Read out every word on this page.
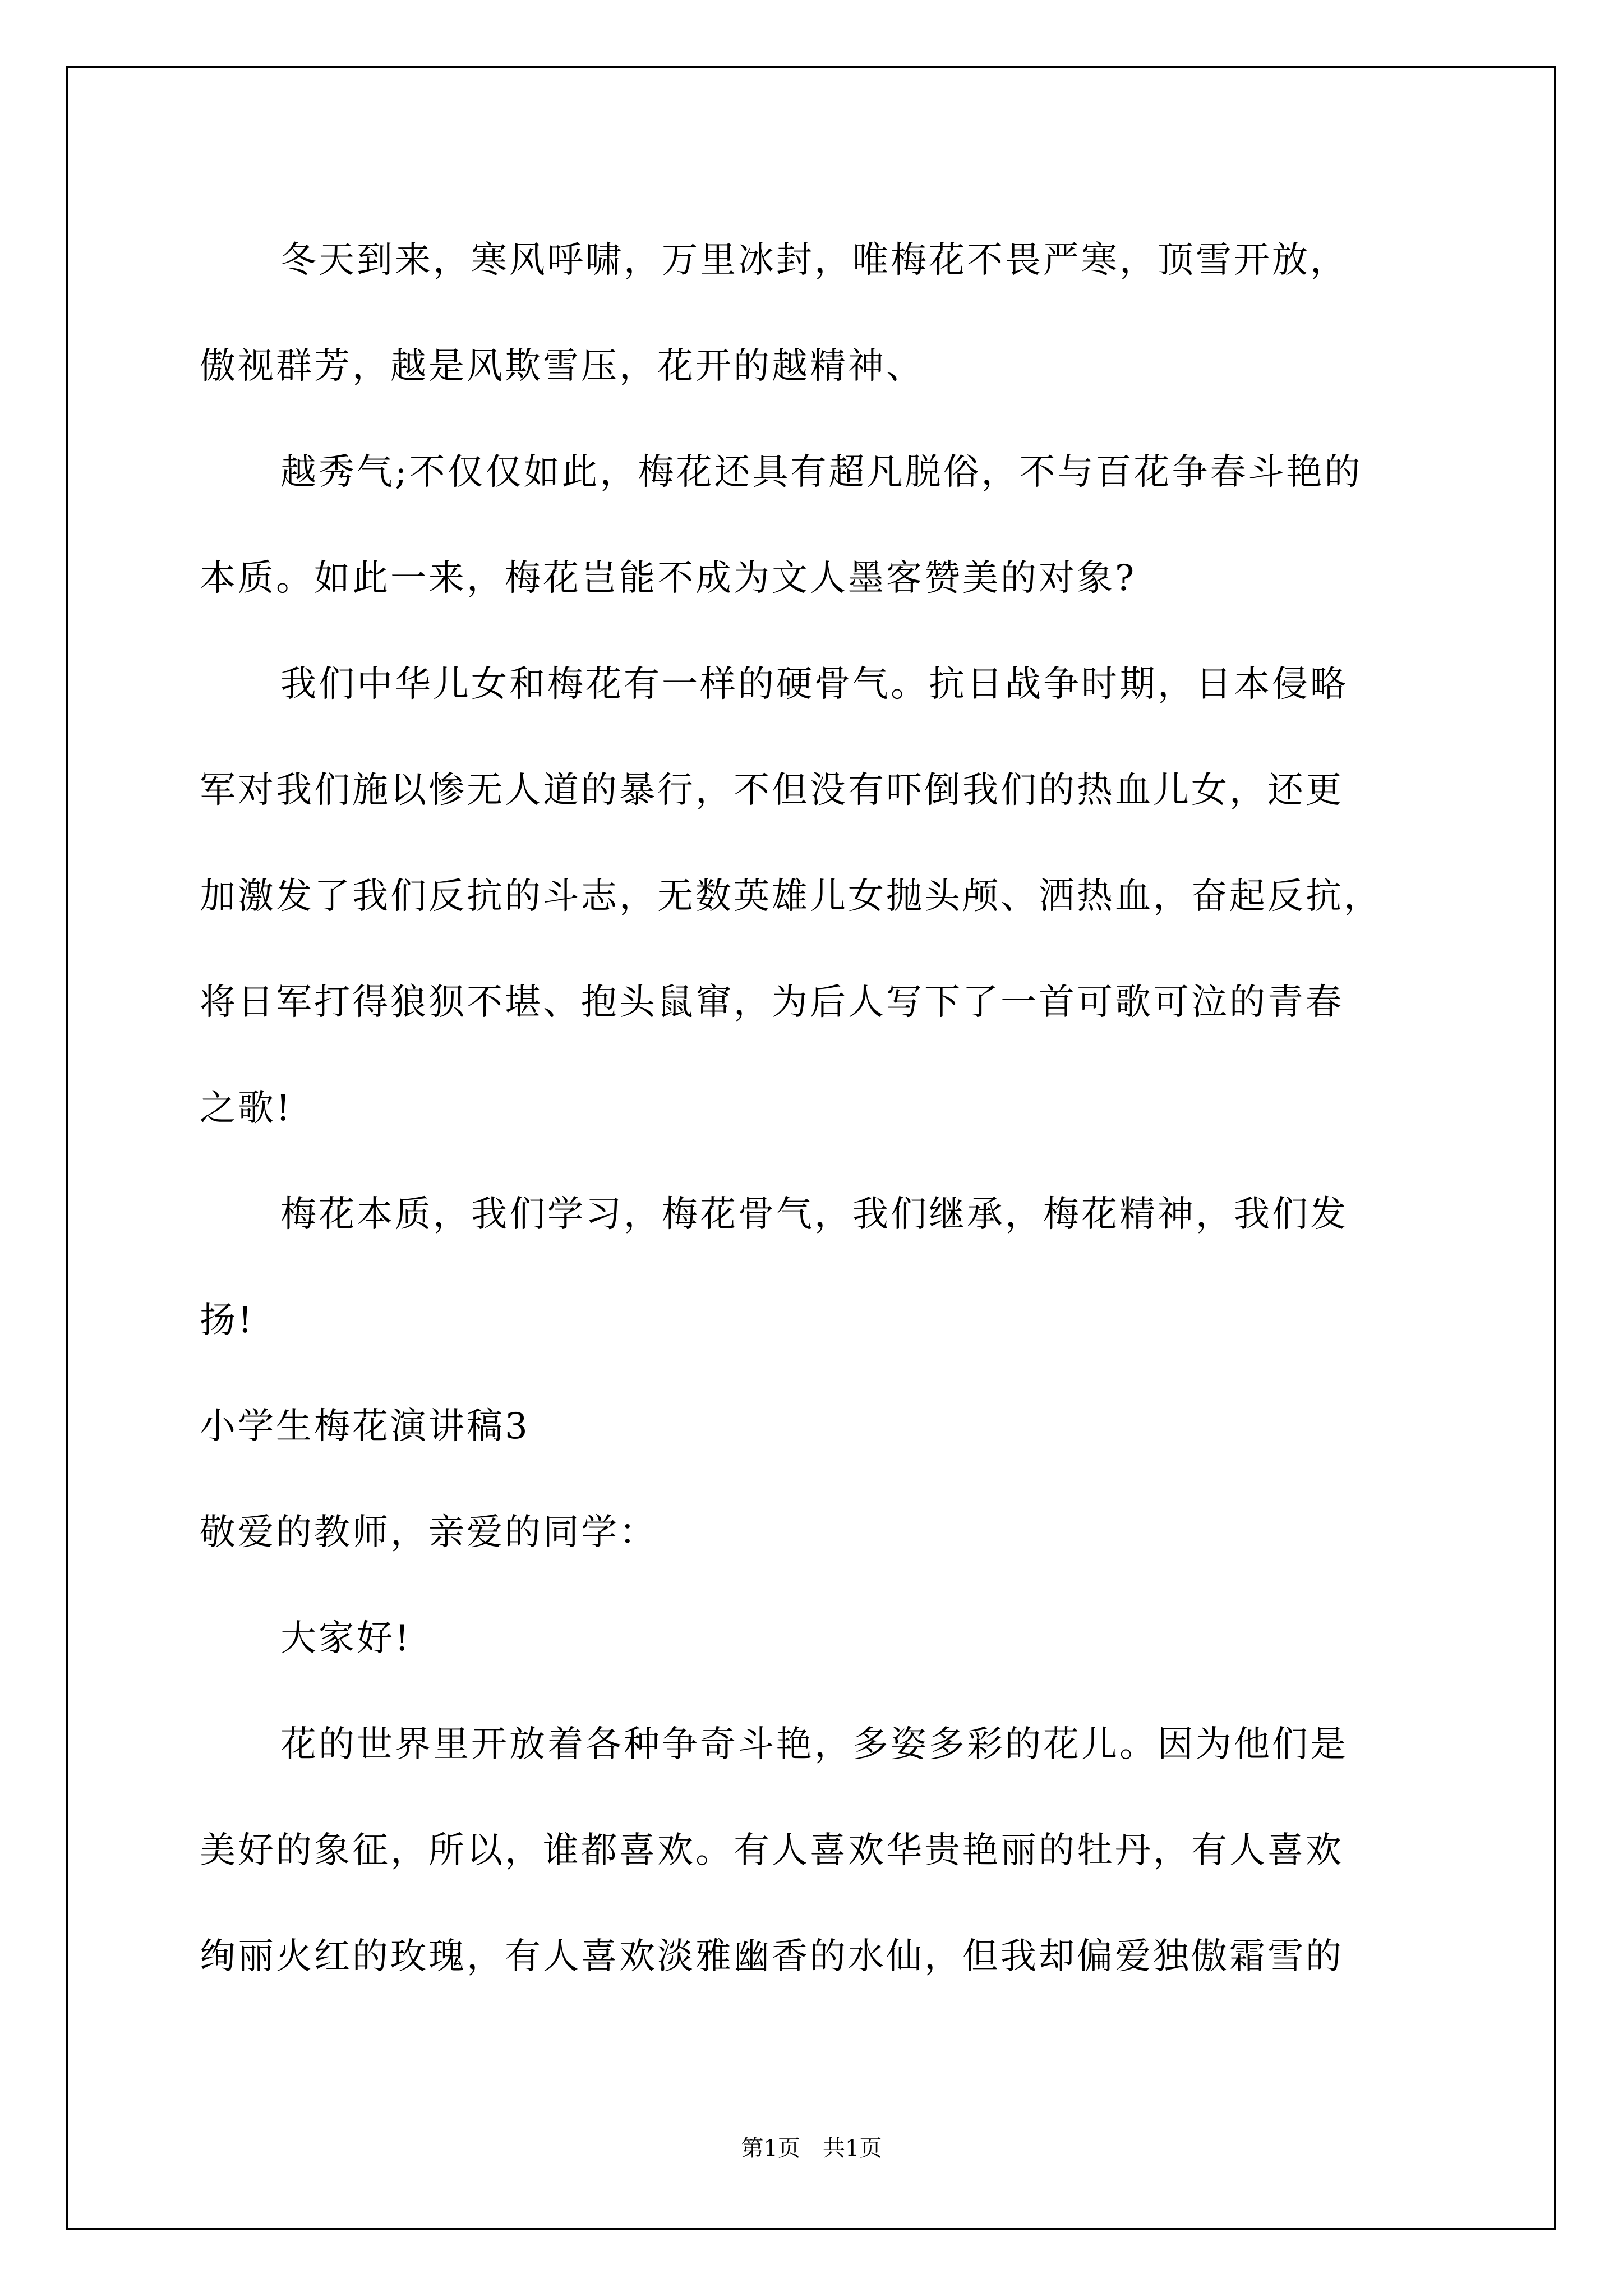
冬天到来，寒风呼啸，万里冰封，唯梅花不畏严寒，顶雪开放，
傲视群芳，越是风欺雪压，花开的越精神、
越秀气;不仅仅如此，梅花还具有超凡脱俗，不与百花争春斗艳的
本质。如此一来，梅花岂能不成为文人墨客赞美的对象?
我们中华儿女和梅花有一样的硬骨气。抗日战争时期，日本侵略
军对我们施以惨无人道的暴行，不但没有吓倒我们的热血儿女，还更
加激发了我们反抗的斗志，无数英雄儿女抛头颅、洒热血，奋起反抗，
将日军打得狼狈不堪、抱头鼠窜，为后人写下了一首可歌可泣的青春
之歌!
梅花本质，我们学习，梅花骨气，我们继承，梅花精神，我们发
扬!
小学生梅花演讲稿3
敬爱的教师，亲爱的同学：
大家好!
花的世界里开放着各种争奇斗艳，多姿多彩的花儿。因为他们是
美好的象征，所以，谁都喜欢。有人喜欢华贵艳丽的牡丹，有人喜欢
绚丽火红的玫瑰，有人喜欢淡雅幽香的水仙，但我却偏爱独傲霜雪的
第1页 共1页
